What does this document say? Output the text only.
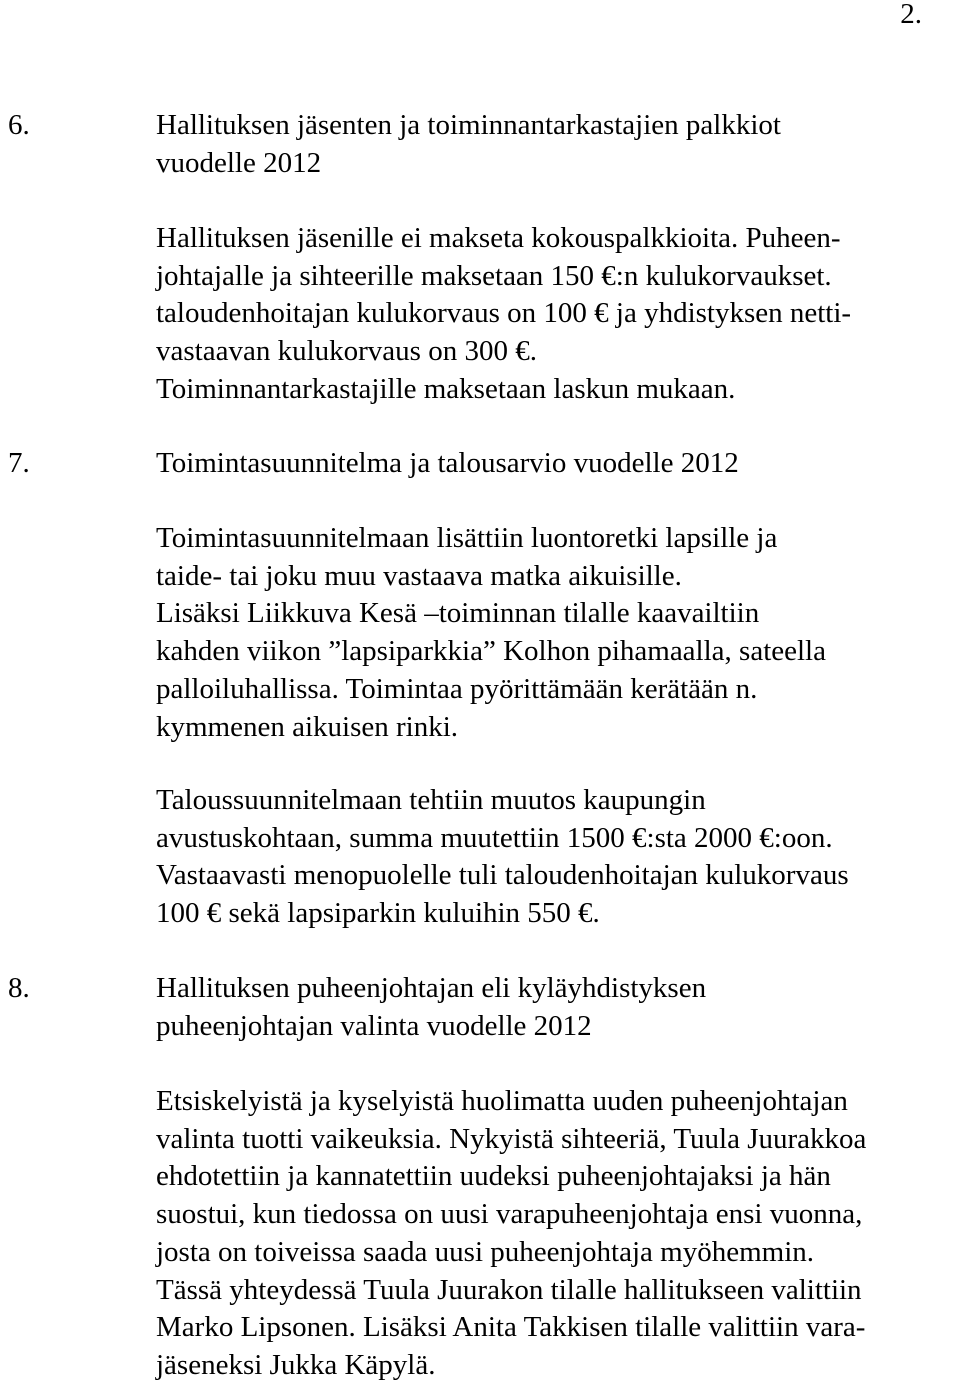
2.
6.	Hallituksen jäsenten ja toiminnantarkastajien palkkiot
vuodelle 2012
Hallituksen jäsenille ei makseta kokouspalkkioita. Puheen-
johtajalle ja sihteerille maksetaan 150 €:n kulukorvaukset.
taloudenhoitajan kulukorvaus on 100 € ja yhdistyksen netti-
vastaavan kulukorvaus on 300 €.
Toiminnantarkastajille maksetaan laskun mukaan.
7.	Toimintasuunnitelma ja talousarvio vuodelle 2012
Toimintasuunnitelmaan lisättiin luontoretki lapsille ja
taide- tai joku muu vastaava matka aikuisille.
Lisäksi Liikkuva Kesä –toiminnan tilalle kaavailtiin
kahden viikon ”lapsiparkkia” Kolhon pihamaalla, sateella
palloiluhallissa. Toimintaa pyörittämään kerätään n.
kymmenen aikuisen rinki.
Taloussuunnitelmaan tehtiin muutos kaupungin
avustuskohtaan, summa muutettiin 1500 €:sta 2000 €:oon.
Vastaavasti menopuolelle tuli taloudenhoitajan kulukorvaus
100 € sekä lapsiparkin kuluihin 550 €.
8.	Hallituksen puheenjohtajan eli kyläyhdistyksen
puheenjohtajan valinta vuodelle 2012
Etsiskelyistä ja kyselyistä huolimatta uuden puheenjohtajan
valinta tuotti vaikeuksia. Nykyistä sihteeriä, Tuula Juurakkoa
ehdotettiin ja kannatettiin uudeksi puheenjohtajaksi ja hän
suostui, kun tiedossa on uusi varapuheenjohtaja ensi vuonna,
josta on toiveissa saada uusi puheenjohtaja myöhemmin.
Tässä yhteydessä Tuula Juurakon tilalle hallitukseen valittiin
Marko Lipsonen. Lisäksi Anita Takkisen tilalle valittiin vara-
jäseneksi Jukka Käpylä.
